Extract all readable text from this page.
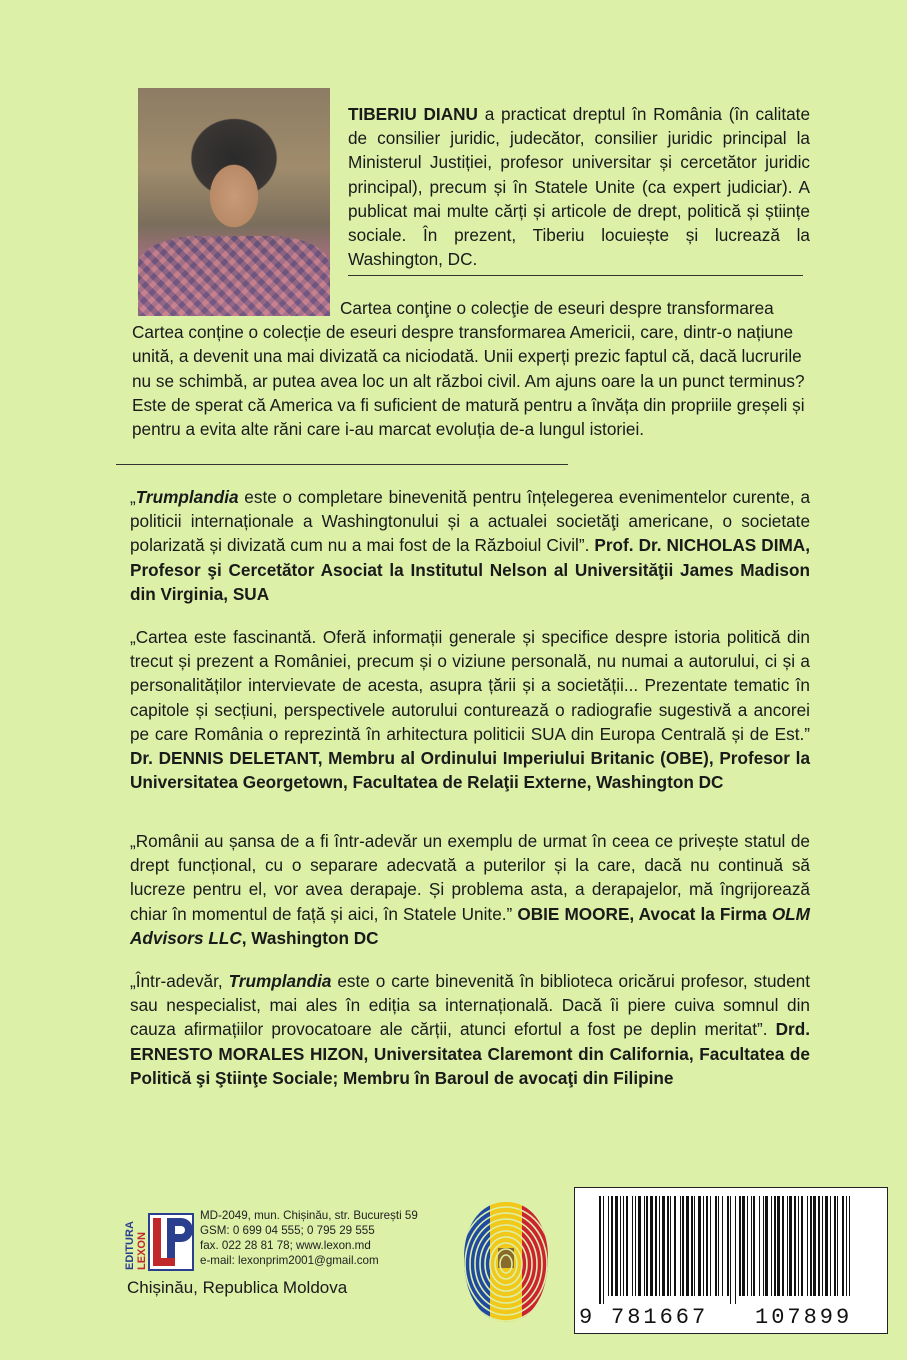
TIBERIU DIANU a practicat dreptul în România (în calitate de consilier juridic, judecător, consilier juridic principal la Ministerul Justiției, profesor universitar și cercetător juridic principal), precum și în Statele Unite (ca expert judiciar). A publicat mai multe cărți și articole de drept, politică și științe sociale. În prezent, Tiberiu locuiește și lucrează la Washington, DC.
Cartea conţine o colecţie de eseuri despre transformarea
Cartea conține o colecție de eseuri despre transformarea Americii, care, dintr-o națiune unită, a devenit una mai divizată ca niciodată. Unii experți prezic faptul că, dacă lucrurile nu se schimbă, ar putea avea loc un alt război civil. Am ajuns oare la un punct terminus? Este de sperat că America va fi suficient de matură pentru a învăța din propriile greșeli și pentru a evita alte răni care i-au marcat evoluția de-a lungul istoriei.
„Trumplandia este o completare binevenită pentru înțelegerea evenimentelor curente, a politicii internaționale a Washingtonului și a actualei societăţi americane, o societate polarizată și divizată cum nu a mai fost de la Războiul Civil”. Prof. Dr. NICHOLAS DIMA, Profesor şi Cercetător Asociat la Institutul Nelson al Universităţii James Madison din Virginia, SUA
„Cartea este fascinantă. Oferă informații generale și specifice despre istoria politică din trecut și prezent a României, precum și o viziune personală, nu numai a autorului, ci și a personalităților intervievate de acesta, asupra țării și a societății... Prezentate tematic în capitole și secțiuni, perspectivele autorului conturează o radiografie sugestivă a ancorei pe care România o reprezintă în arhitectura politicii SUA din Europa Centrală și de Est.” Dr. DENNIS DELETANT, Membru al Ordinului Imperiului Britanic (OBE), Profesor la Universitatea Georgetown, Facultatea de Relaţii Externe, Washington DC
„Românii au șansa de a fi într-adevăr un exemplu de urmat în ceea ce privește statul de drept funcțional, cu o separare adecvată a puterilor și la care, dacă nu continuă să lucreze pentru el, vor avea derapaje. Și problema asta, a derapajelor, mă îngrijorează chiar în momentul de față și aici, în Statele Unite.” OBIE MOORE, Avocat la Firma OLM Advisors LLC, Washington DC
„Într-adevăr, Trumplandia este o carte binevenită în biblioteca oricărui profesor, student sau nespecialist, mai ales în ediția sa internațională. Dacă îi piere cuiva somnul din cauza afirmațiilor provocatoare ale cărții, atunci efortul a fost pe deplin meritat”. Drd. ERNESTO MORALES HIZON, Universitatea Claremont din California, Facultatea de Politică şi Ştiinţe Sociale; Membru în Baroul de avocaţi din Filipine
EDITURA LEXON
MD-2049, mun. Chișinău, str. București 59
GSM: 0 699 04 555; 0 795 29 555
fax. 022 28 81 78; www.lexon.md
e-mail: lexonprim2001@gmail.com
Chișinău, Republica Moldova
9 781667 107899
